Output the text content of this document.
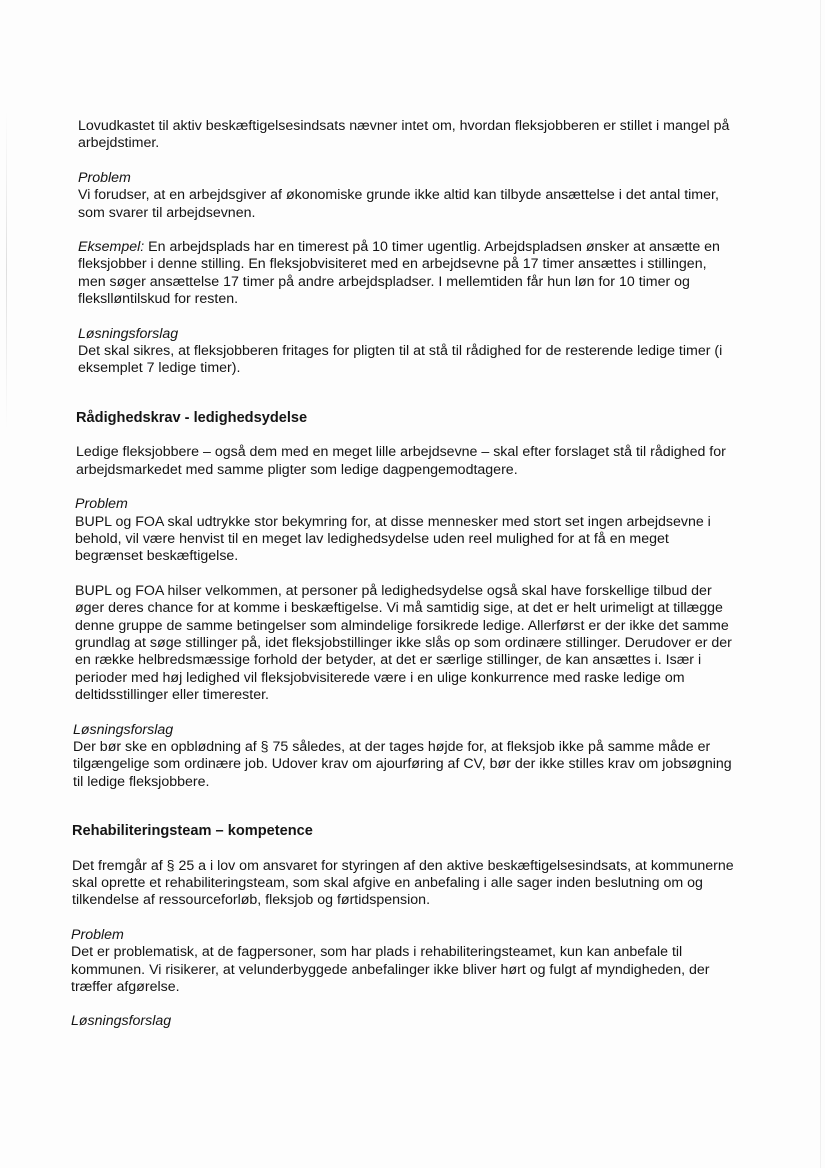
Lovudkastet til aktiv beskæftigelsesindsats nævner intet om, hvordan fleksjobberen er stillet i mangel på arbejdstimer.

Problem

Vi forudser, at en arbejdsgiver af økonomiske grunde ikke altid kan tilbyde ansættelse i det antal timer, som svarer til arbejdsevnen.

Eksempel: En arbejdsplads har en timerest på 10 timer ugentlig. Arbejdspladsen ønsker at ansætte en fleksjobber i denne stilling. En fleksjobvisiteret med en arbejdsevne på 17 timer ansættes i stillingen, men søger ansættelse 17 timer på andre arbejdspladser. I mellemtiden får hun løn for 10 timer og flekslløntilskud for resten.

Løsningsforslag

Det skal sikres, at fleksjobberen fritages for pligten til at stå til rådighed for de resterende ledige timer (i eksemplet 7 ledige timer).

Rådighedskrav - ledighedsydelse

Ledige fleksjobbere – også dem med en meget lille arbejdsevne – skal efter forslaget stå til rådighed for arbejdsmarkedet med samme pligter som ledige dagpengemodtagere.

Problem

BUPL og FOA skal udtrykke stor bekymring for, at disse mennesker med stort set ingen arbejdsevne i behold, vil være henvist til en meget lav ledighedsydelse uden reel mulighed for at få en meget begrænset beskæftigelse.

BUPL og FOA hilser velkommen, at personer på ledighedsydelse også skal have forskellige tilbud der øger deres chance for at komme i beskæftigelse. Vi må samtidig sige, at det er helt urimeligt at tillægge denne gruppe de samme betingelser som almindelige forsikrede ledige. Allerførst er der ikke det samme grundlag at søge stillinger på, idet fleksjobstillinger ikke slås op som ordinære stillinger. Derudover er der en række helbredsmæssige forhold der betyder, at det er særlige stillinger, de kan ansættes i. Især i perioder med høj ledighed vil fleksjobvisiterede være i en ulige konkurrence med raske ledige om deltidsstillinger eller timerester.

Løsningsforslag

Der bør ske en opblødning af § 75 således, at der tages højde for, at fleksjob ikke på samme måde er tilgængelige som ordinære job. Udover krav om ajourføring af CV, bør der ikke stilles krav om jobsøgning til ledige fleksjobbere.

Rehabiliteringsteam – kompetence

Det fremgår af § 25 a i lov om ansvaret for styringen af den aktive beskæftigelsesindsats, at kommunerne skal oprette et rehabiliteringsteam, som skal afgive en anbefaling i alle sager inden beslutning om og tilkendelse af ressourceforløb, fleksjob og førtidspension.

Problem

Det er problematisk, at de fagpersoner, som har plads i rehabiliteringsteamet, kun kan anbefale til kommunen. Vi risikerer, at velunderbyggede anbefalinger ikke bliver hørt og fulgt af myndigheden, der træffer afgørelse.

Løsningsforslag
